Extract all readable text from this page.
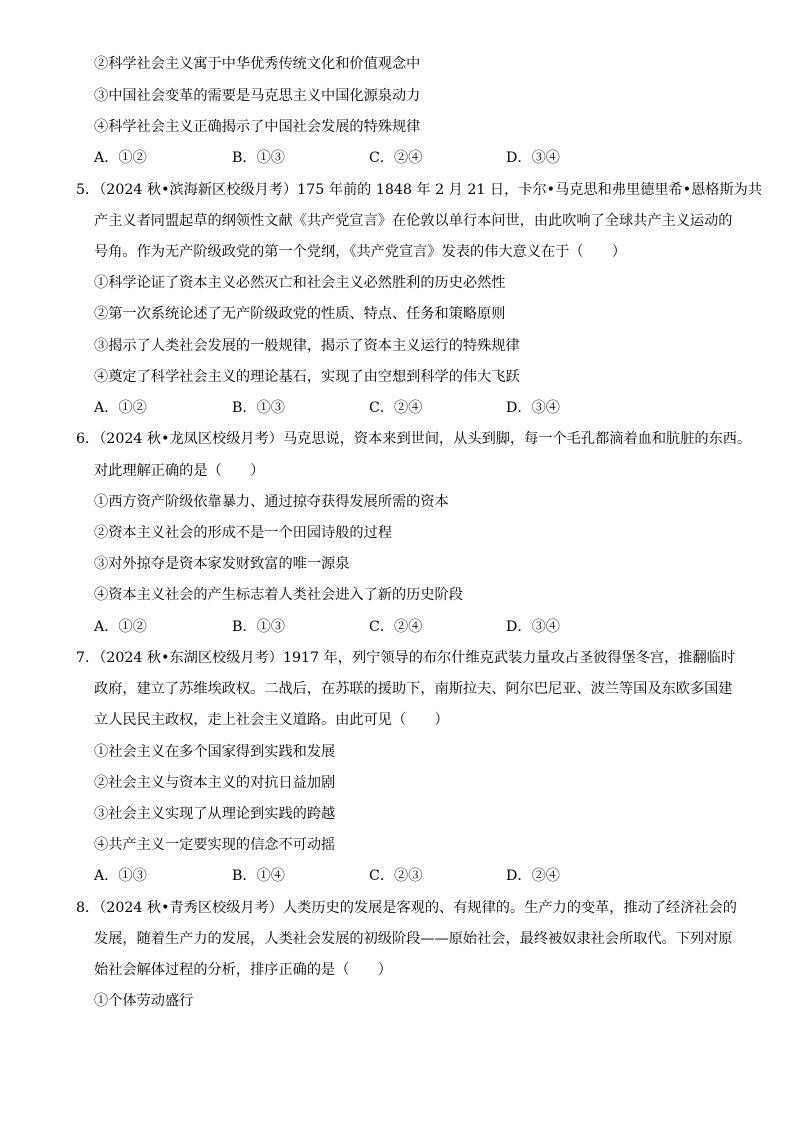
②科学社会主义寓于中华优秀传统文化和价值观念中
③中国社会变革的需要是马克思主义中国化源泉动力
④科学社会主义正确揭示了中国社会发展的特殊规律
A．①②	B．①③	C．②④	D．③④
5．（2024 秋•滨海新区校级月考）175 年前的 1848 年 2 月 21 日，卡尔•马克思和弗里德里希•恩格斯为共
产主义者同盟起草的纲领性文献《共产党宣言》在伦敦以单行本问世，由此吹响了全球共产主义运动的
号角。作为无产阶级政党的第一个党纲，《共产党宣言》发表的伟大意义在于（　　）
①科学论证了资本主义必然灭亡和社会主义必然胜利的历史必然性
②第一次系统论述了无产阶级政党的性质、特点、任务和策略原则
③揭示了人类社会发展的一般规律，揭示了资本主义运行的特殊规律
④奠定了科学社会主义的理论基石，实现了由空想到科学的伟大飞跃
A．①②	B．①③	C．②④	D．③④
6．（2024 秋•龙凤区校级月考）马克思说，资本来到世间，从头到脚，每一个毛孔都滴着血和肮脏的东西。
对此理解正确的是（　　）
①西方资产阶级依靠暴力、通过掠夺获得发展所需的资本
②资本主义社会的形成不是一个田园诗般的过程
③对外掠夺是资本家发财致富的唯一源泉
④资本主义社会的产生标志着人类社会进入了新的历史阶段
A．①②	B．①③	C．②④	D．③④
7．（2024 秋•东湖区校级月考）1917 年，列宁领导的布尔什维克武装力量攻占圣彼得堡冬宫，推翻临时
政府，建立了苏维埃政权。二战后，在苏联的援助下，南斯拉夫、阿尔巴尼亚、波兰等国及东欧多国建
立人民民主政权，走上社会主义道路。由此可见（　　）
①社会主义在多个国家得到实践和发展
②社会主义与资本主义的对抗日益加剧
③社会主义实现了从理论到实践的跨越
④共产主义一定要实现的信念不可动摇
A．①③	B．①④	C．②③	D．②④
8．（2024 秋•青秀区校级月考）人类历史的发展是客观的、有规律的。生产力的变革，推动了经济社会的
发展，随着生产力的发展，人类社会发展的初级阶段——原始社会，最终被奴隶社会所取代。下列对原
始社会解体过程的分析，排序正确的是（　　）
①个体劳动盛行
